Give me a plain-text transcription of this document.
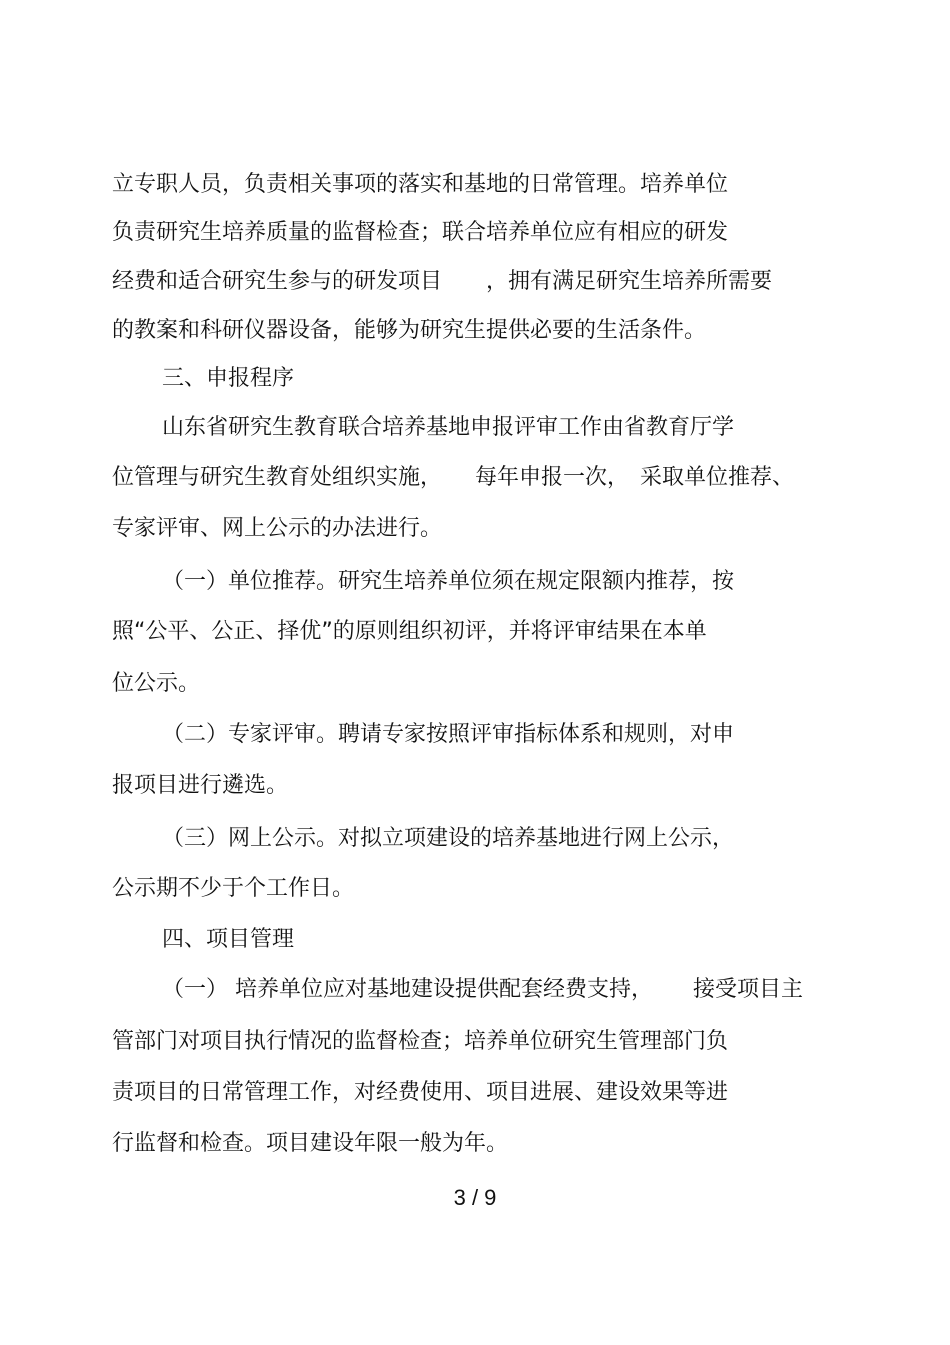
立专职人员，负责相关事项的落实和基地的日常管理。培养单位
负责研究生培养质量的监督检查；联合培养单位应有相应的研发
经费和适合研究生参与的研发项目　　，拥有满足研究生培养所需要
的教案和科研仪器设备，能够为研究生提供必要的生活条件。
三、申报程序
山东省研究生教育联合培养基地申报评审工作由省教育厅学
位管理与研究生教育处组织实施，　　每年申报一次，　采取单位推荐、
专家评审、网上公示的办法进行。
（一）单位推荐。研究生培养单位须在规定限额内推荐，按
照“公平、公正、择优”的原则组织初评，并将评审结果在本单
位公示。
（二）专家评审。聘请专家按照评审指标体系和规则，对申
报项目进行遴选。
（三）网上公示。对拟立项建设的培养基地进行网上公示，
公示期不少于个工作日。
四、项目管理
（一） 培养单位应对基地建设提供配套经费支持，　　 接受项目主
管部门对项目执行情况的监督检查；培养单位研究生管理部门负
责项目的日常管理工作，对经费使用、项目进展、建设效果等进
行监督和检查。项目建设年限一般为年。
3 / 9
